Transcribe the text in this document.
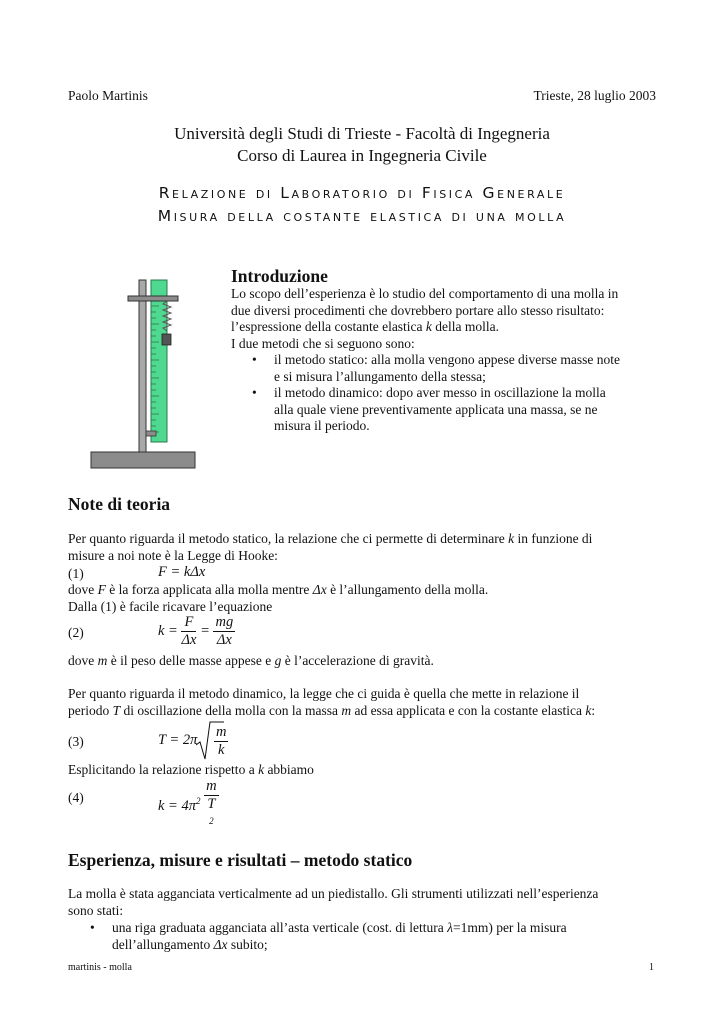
Paolo Martinis	Trieste, 28 luglio 2003
Università degli Studi di Trieste - Facoltà di Ingegneria
Corso di Laurea in Ingegneria Civile
Relazione di Laboratorio di Fisica Generale
Misura della costante elastica di una molla
Introduzione
Lo scopo dell’esperienza è lo studio del comportamento di una molla in
due diversi procedimenti che dovrebbero portare allo stesso risultato:
l’espressione della costante elastica k della molla.
I due metodi che si seguono sono:
• il metodo statico: alla molla vengono appese diverse masse note
e si misura l’allungamento della stessa;
• il metodo dinamico: dopo aver messo in oscillazione la molla
alla quale viene preventivamente applicata una massa, se ne
misura il periodo.
Note di teoria
Per quanto riguarda il metodo statico, la relazione che ci permette di determinare k in funzione di
misure a noi note è la Legge di Hooke:
(1)	F = kΔx
dove F è la forza applicata alla molla mentre Δx è l’allungamento della molla.
Dalla (1) è facile ricavare l’equazione
(2)	$k = \frac{F}{\Delta x} = \frac{mg}{\Delta x}$
dove m è il peso delle masse appese e g è l’accelerazione di gravità.
Per quanto riguarda il metodo dinamico, la legge che ci guida è quella che mette in relazione il
periodo T di oscillazione della molla con la massa m ad essa applicata e con la costante elastica k:
(3)	$T = 2\pi \frac{m}{k}$
Esplicitando la relazione rispetto a k abbiamo
(4)
$k = 4\pi^2$ m
T
$^2$
Esperienza, misure e risultati – metodo statico
La molla è stata agganciata verticalmente ad un piedistallo. Gli strumenti utilizzati nell’esperienza
sono stati:
• una riga graduata agganciata all’asta verticale (cost. di lettura λ=1mm) per la misura
dell’allungamento Δx subito;
martinis - molla	1
